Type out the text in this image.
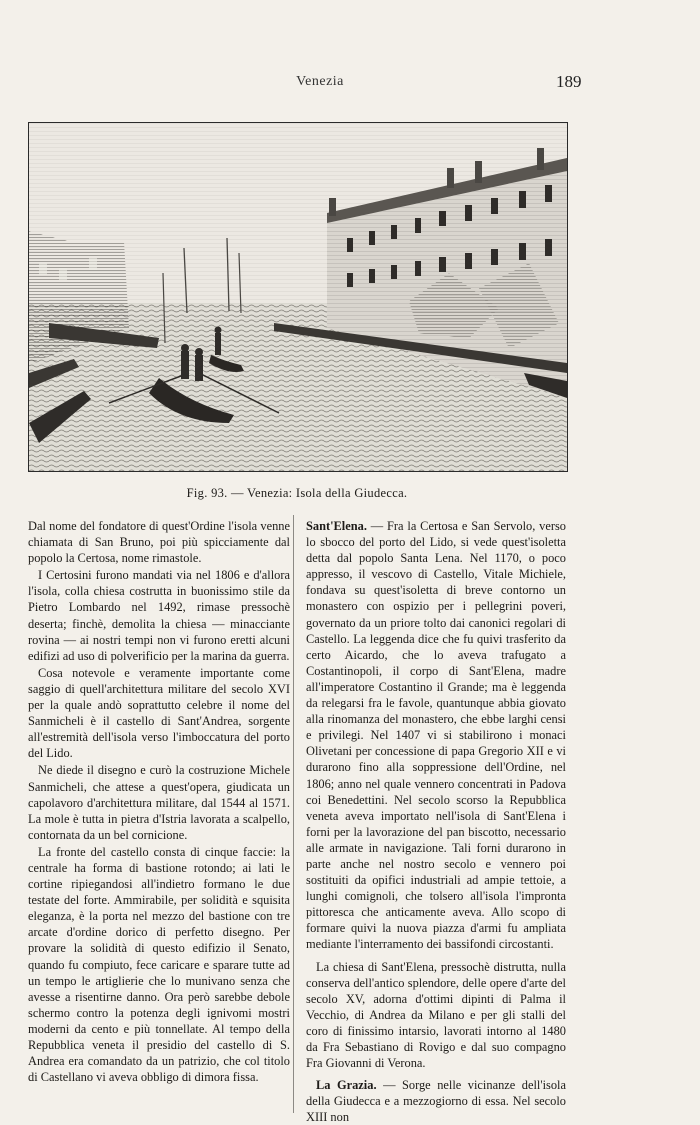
Venezia	189
Fig. 93. — Venezia: Isola della Giudecca.

Dal nome del fondatore di quest'Ordine l'isola venne chiamata di San Bruno, poi più spicciamente dal popolo la Certosa, nome rimastole.

I Certosini furono mandati via nel 1806 e d'allora l'isola, colla chiesa costrutta in buonissimo stile da Pietro Lombardo nel 1492, rimase pressochè deserta; finchè, demolita la chiesa — minacciante rovina — ai nostri tempi non vi furono eretti alcuni edifizi ad uso di polverificio per la marina da guerra.

Cosa notevole e veramente importante come saggio di quell'architettura militare del secolo XVI per la quale andò soprattutto celebre il nome del Sanmicheli è il castello di Sant'Andrea, sorgente all'estremità dell'isola verso l'imboccatura del porto del Lido.

Ne diede il disegno e curò la costruzione Michele Sanmicheli, che attese a quest'opera, giudicata un capolavoro d'architettura militare, dal 1544 al 1571. La mole è tutta in pietra d'Istria lavorata a scalpello, contornata da un bel cornicione.

La fronte del castello consta di cinque faccie: la centrale ha forma di bastione rotondo; ai lati le cortine ripiegandosi all'indietro formano le due testate del forte. Ammirabile, per solidità e squisita eleganza, è la porta nel mezzo del bastione con tre arcate d'ordine dorico di perfetto disegno. Per provare la solidità di questo edifizio il Senato, quando fu compiuto, fece caricare e sparare tutte ad un tempo le artiglierie che lo munivano senza che avesse a risentirne danno. Ora però sarebbe debole schermo contro la potenza degli ignivomi mostri moderni da cento e più tonnellate. Al tempo della Repubblica veneta il presidio del castello di S. Andrea era comandato da un patrizio, che col titolo di Castellano vi aveva obbligo di dimora fissa.

Sant'Elena. — Fra la Certosa e San Servolo, verso lo sbocco del porto del Lido, si vede quest'isoletta detta dal popolo Santa Lena. Nel 1170, o poco appresso, il vescovo di Castello, Vitale Michiele, fondava su quest'isoletta di breve contorno un monastero con ospizio per i pellegrini poveri, governato da un priore tolto dai canonici regolari di Castello. La leggenda dice che fu quivi trasferito da certo Aicardo, che lo aveva trafugato a Costantinopoli, il corpo di Sant'Elena, madre all'imperatore Costantino il Grande; ma è leggenda da relegarsi fra le favole, quantunque abbia giovato alla rinomanza del monastero, che ebbe larghi censi e privilegi. Nel 1407 vi si stabilirono i monaci Olivetani per concessione di papa Gregorio XII e vi durarono fino alla soppressione dell'Ordine, nel 1806; anno nel quale vennero concentrati in Padova coi Benedettini. Nel secolo scorso la Repubblica veneta aveva importato nell'isola di Sant'Elena i forni per la lavorazione del pan biscotto, necessario alle armate in navigazione. Tali forni durarono in parte anche nel nostro secolo e vennero poi sostituiti da opifici industriali ad ampie tettoie, a lunghi comignoli, che tolsero all'isola l'impronta pittoresca che anticamente aveva. Allo scopo di formare quivi la nuova piazza d'armi fu ampliata mediante l'interramento dei bassifondi circostanti.

La chiesa di Sant'Elena, pressochè distrutta, nulla conserva dell'antico splendore, delle opere d'arte del secolo XV, adorna d'ottimi dipinti di Palma il Vecchio, di Andrea da Milano e per gli stalli del coro di finissimo intarsio, lavorati intorno al 1480 da Fra Sebastiano di Rovigo e dal suo compagno Fra Giovanni di Verona.

La Grazia. — Sorge nelle vicinanze dell'isola della Giudecca e a mezzogiorno di essa. Nel secolo XIII non
